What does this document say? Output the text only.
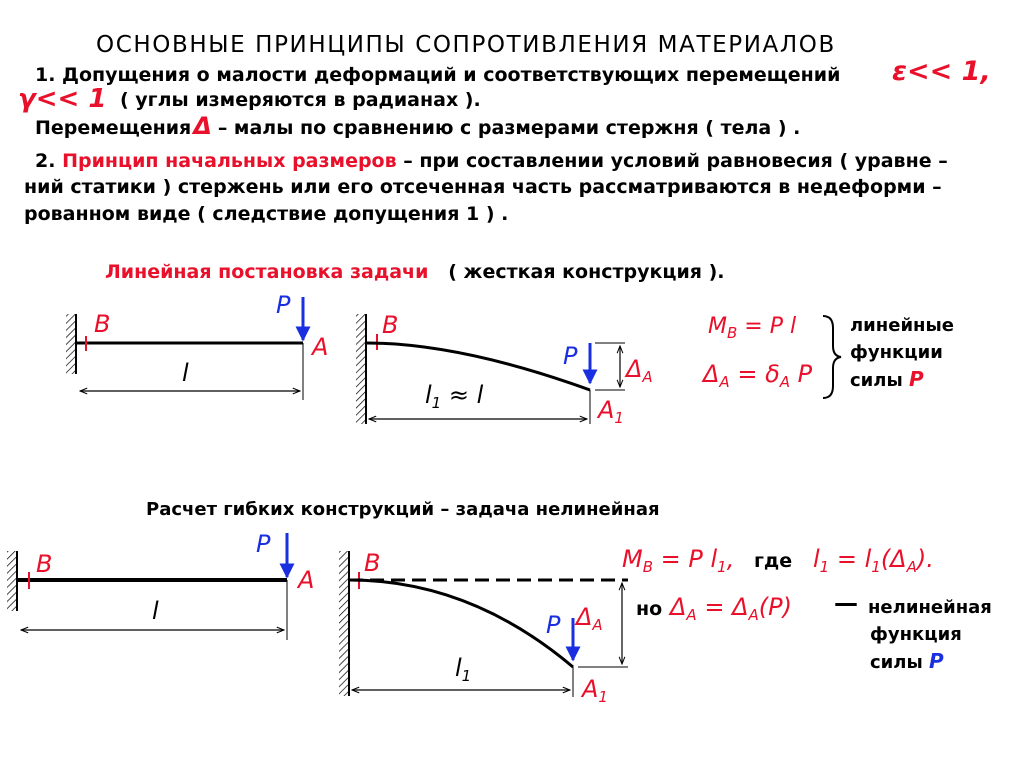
ОСНОВНЫЕ ПРИНЦИПЫ СОПРОТИВЛЕНИЯ МАТЕРИАЛОВ
1. Допущения о малости деформаций и соответствующих перемещений ε<< 1,
γ<< 1 ( углы измеряются в радианах ).
ПеремещенияΔ – малы по сравнению с размерами стержня ( тела ) .
2. Принцип начальных размеров – при составлении условий равновесия ( уравне –
ний статики ) стержень или его отсеченная часть рассматриваются в недеформи –
рованном виде ( следствие допущения 1 ) .
Линейная постановка задачи ( жесткая конструкция ).
Расчет гибких конструкций – задача нелинейная
B
A
P
l
B
P $\Delta_A$
$l_1 \approx l$
$A_1$
$M_B = P$ l
$\Delta_A = \delta_A$ P
линейные
функции
силы P
B
A
P
l
B
P $\Delta_A$
$l_1$	$A_1$
$M_B = P$ $l_1$, где $l_1 = l_1(\Delta_A)$.
но $\Delta_A = \Delta_A(P)$ — нелинейная
функция
силы P
